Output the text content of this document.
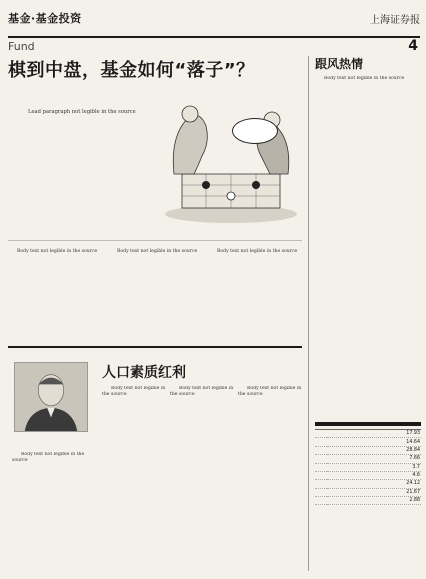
基金·基金投资	上海证券报
Fund	4
棋到中盘，基金如何“落子”？

Lead paragraph not legible in the source

Body text not legible in the source	Body text not legible in the source	Body text not legible in the source

跟风热情

Body text not legible in the source

	17.93
	14.64
	28.84
	7.66
	3.7
	4.6
	24.12
	21.67
	2.88

Body text not legible in the source

人口素质红利

Body text not legible in the source

Body text not legible in the source

Body text not legible in the source
